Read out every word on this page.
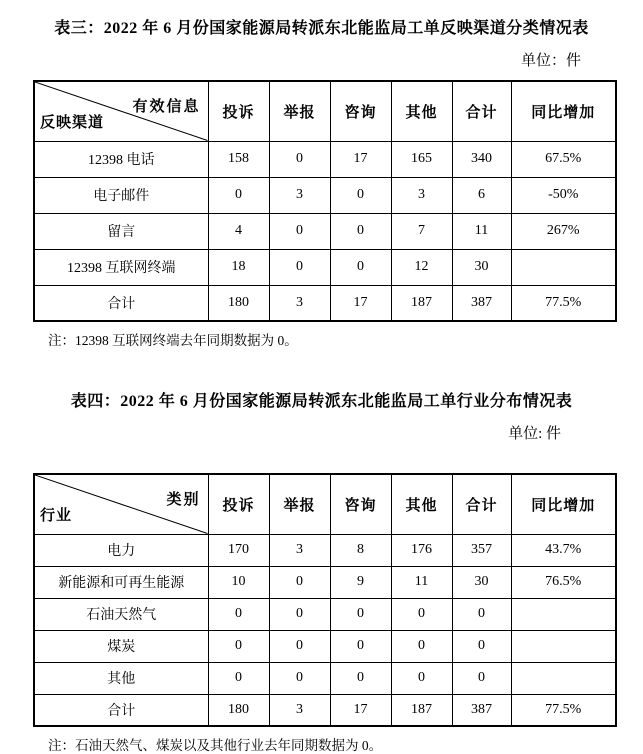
表三：2022 年 6 月份国家能源局转派东北能监局工单反映渠道分类情况表
单位：件
有效信息
反映渠道	投诉	举报	咨询	其他	合计	同比增加
12398 电话	158	0	17	165	340	67.5%
电子邮件	0	3	0	3	6	-50%
留言	4	0	0	7	11	267%
12398 互联网终端	18	0	0	12	30	
合计	180	3	17	187	387	77.5%
注：12398 互联网终端去年同期数据为 0。
表四：2022 年 6 月份国家能源局转派东北能监局工单行业分布情况表
单位: 件
类别
行业	投诉	举报	咨询	其他	合计	同比增加
电力	170	3	8	176	357	43.7%
新能源和可再生能源	10	0	9	11	30	76.5%
石油天然气	0	0	0	0	0	
煤炭	0	0	0	0	0	
其他	0	0	0	0	0	
合计	180	3	17	187	387	77.5%
注：石油天然气、煤炭以及其他行业去年同期数据为 0。
